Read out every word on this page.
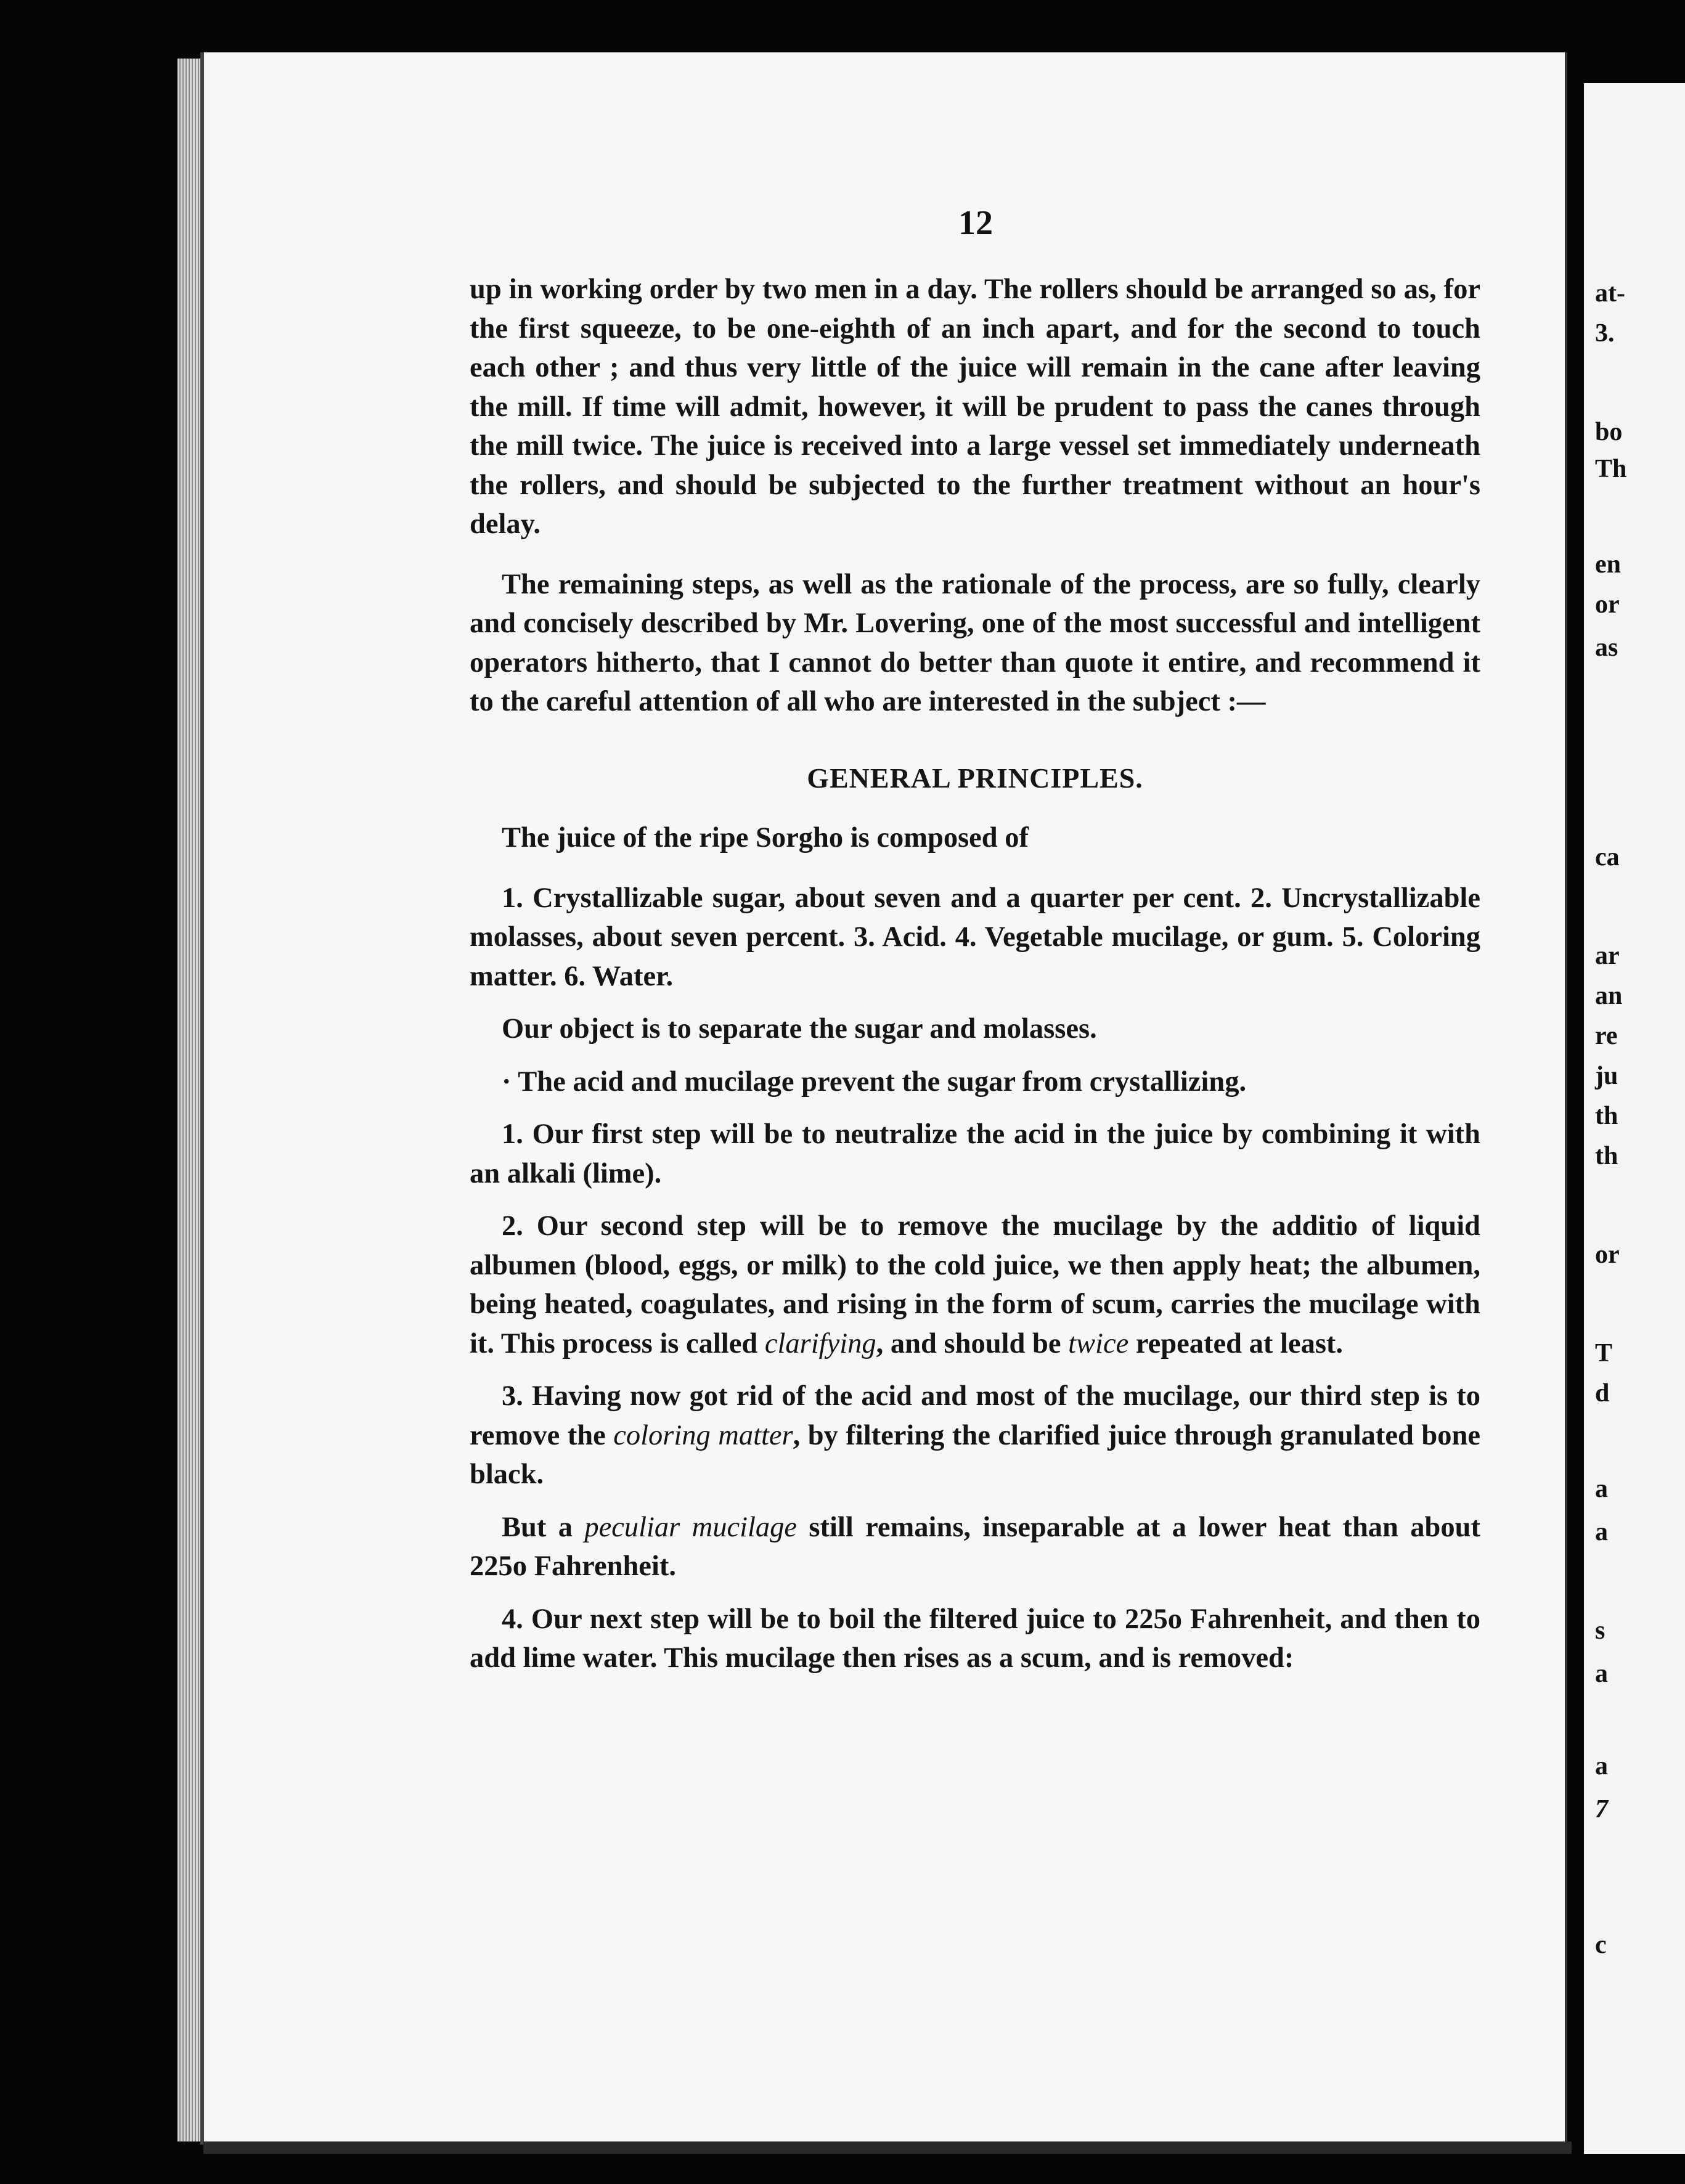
at-
3.
bo
Th
en
or
as
ca
ar
an
re
ju
th
th
or
T
d
a
a
s
a
a
7
c
12

up in working order by two men in a day. The rollers should be arranged so as, for the first squeeze, to be one-eighth of an inch apart, and for the second to touch each other ; and thus very little of the juice will remain in the cane after leaving the mill. If time will admit, however, it will be prudent to pass the canes through the mill twice. The juice is received into a large vessel set immediately underneath the rollers, and should be subjected to the further treatment without an hour's delay.

The remaining steps, as well as the rationale of the process, are so fully, clearly and concisely described by Mr. Lovering, one of the most successful and intelligent operators hitherto, that I cannot do better than quote it entire, and recommend it to the careful attention of all who are interested in the subject :—

GENERAL PRINCIPLES.

The juice of the ripe Sorgho is composed of

1. Crystallizable sugar, about seven and a quarter per cent. 2. Uncrystallizable molasses, about seven percent. 3. Acid. 4. Vegetable mucilage, or gum. 5. Coloring matter. 6. Water.

Our object is to separate the sugar and molasses.

· The acid and mucilage prevent the sugar from crystallizing.

1. Our first step will be to neutralize the acid in the juice by combining it with an alkali (lime).

2. Our second step will be to remove the mucilage by the additio of liquid albumen (blood, eggs, or milk) to the cold juice, we then apply heat; the albumen, being heated, coagulates, and rising in the form of scum, carries the mucilage with it. This process is called clarifying, and should be twice repeated at least.

3. Having now got rid of the acid and most of the mucilage, our third step is to remove the coloring matter, by filtering the clarified juice through granulated bone black.

But a peculiar mucilage still remains, inseparable at a lower heat than about 225o Fahrenheit.

4. Our next step will be to boil the filtered juice to 225o Fahrenheit, and then to add lime water. This mucilage then rises as a scum, and is removed:
